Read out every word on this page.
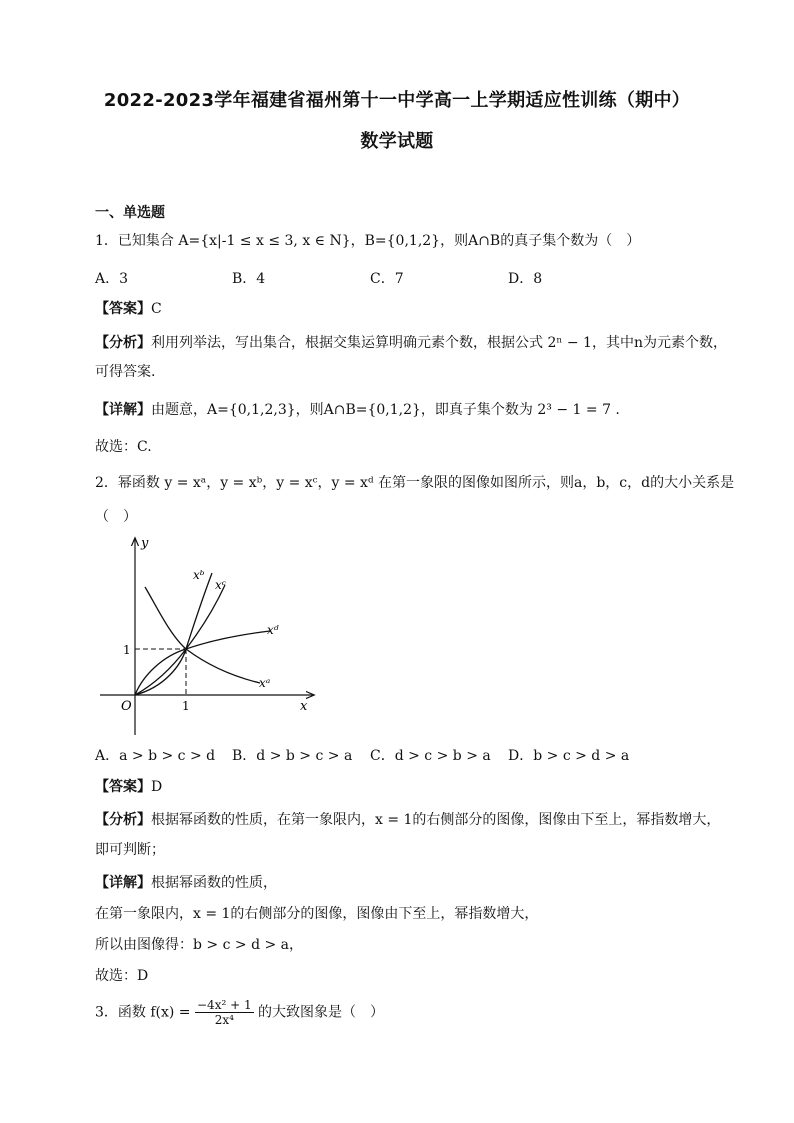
2022-2023学年福建省福州第十一中学高一上学期适应性训练（期中）
数学试题
一、单选题
1．已知集合 A={x|-1 ≤ x ≤ 3, x ∈ N}，B={0,1,2}，则A∩B的真子集个数为（　）
A．3	B．4	C．7	D．8
【答案】C
【分析】利用列举法，写出集合，根据交集运算明确元素个数，根据公式 2ⁿ − 1，其中n为元素个数，
可得答案.
【详解】由题意，A={0,1,2,3}，则A∩B={0,1,2}，即真子集个数为 2³ − 1 = 7 .
故选：C.
2．幂函数 y = xᵃ，y = xᵇ，y = xᶜ，y = xᵈ 在第一象限的图像如图所示，则a，b，c，d的大小关系是
（　）
y
x
O
1
1
xᵇ
xᶜ
xᵈ
xᵃ
A．a > b > c > d B．d > b > c > a C．d > c > b > a D．b > c > d > a
【答案】D
【分析】根据幂函数的性质，在第一象限内，x = 1的右侧部分的图像，图像由下至上，幂指数增大，
即可判断；
【详解】根据幂函数的性质，
在第一象限内，x = 1的右侧部分的图像，图像由下至上，幂指数增大，
所以由图像得：b > c > d > a，
故选：D
3．函数 $f(x) = \frac{\text{−4x² + 1}}{\text{2x⁴}}$ 的大致图象是（　）
